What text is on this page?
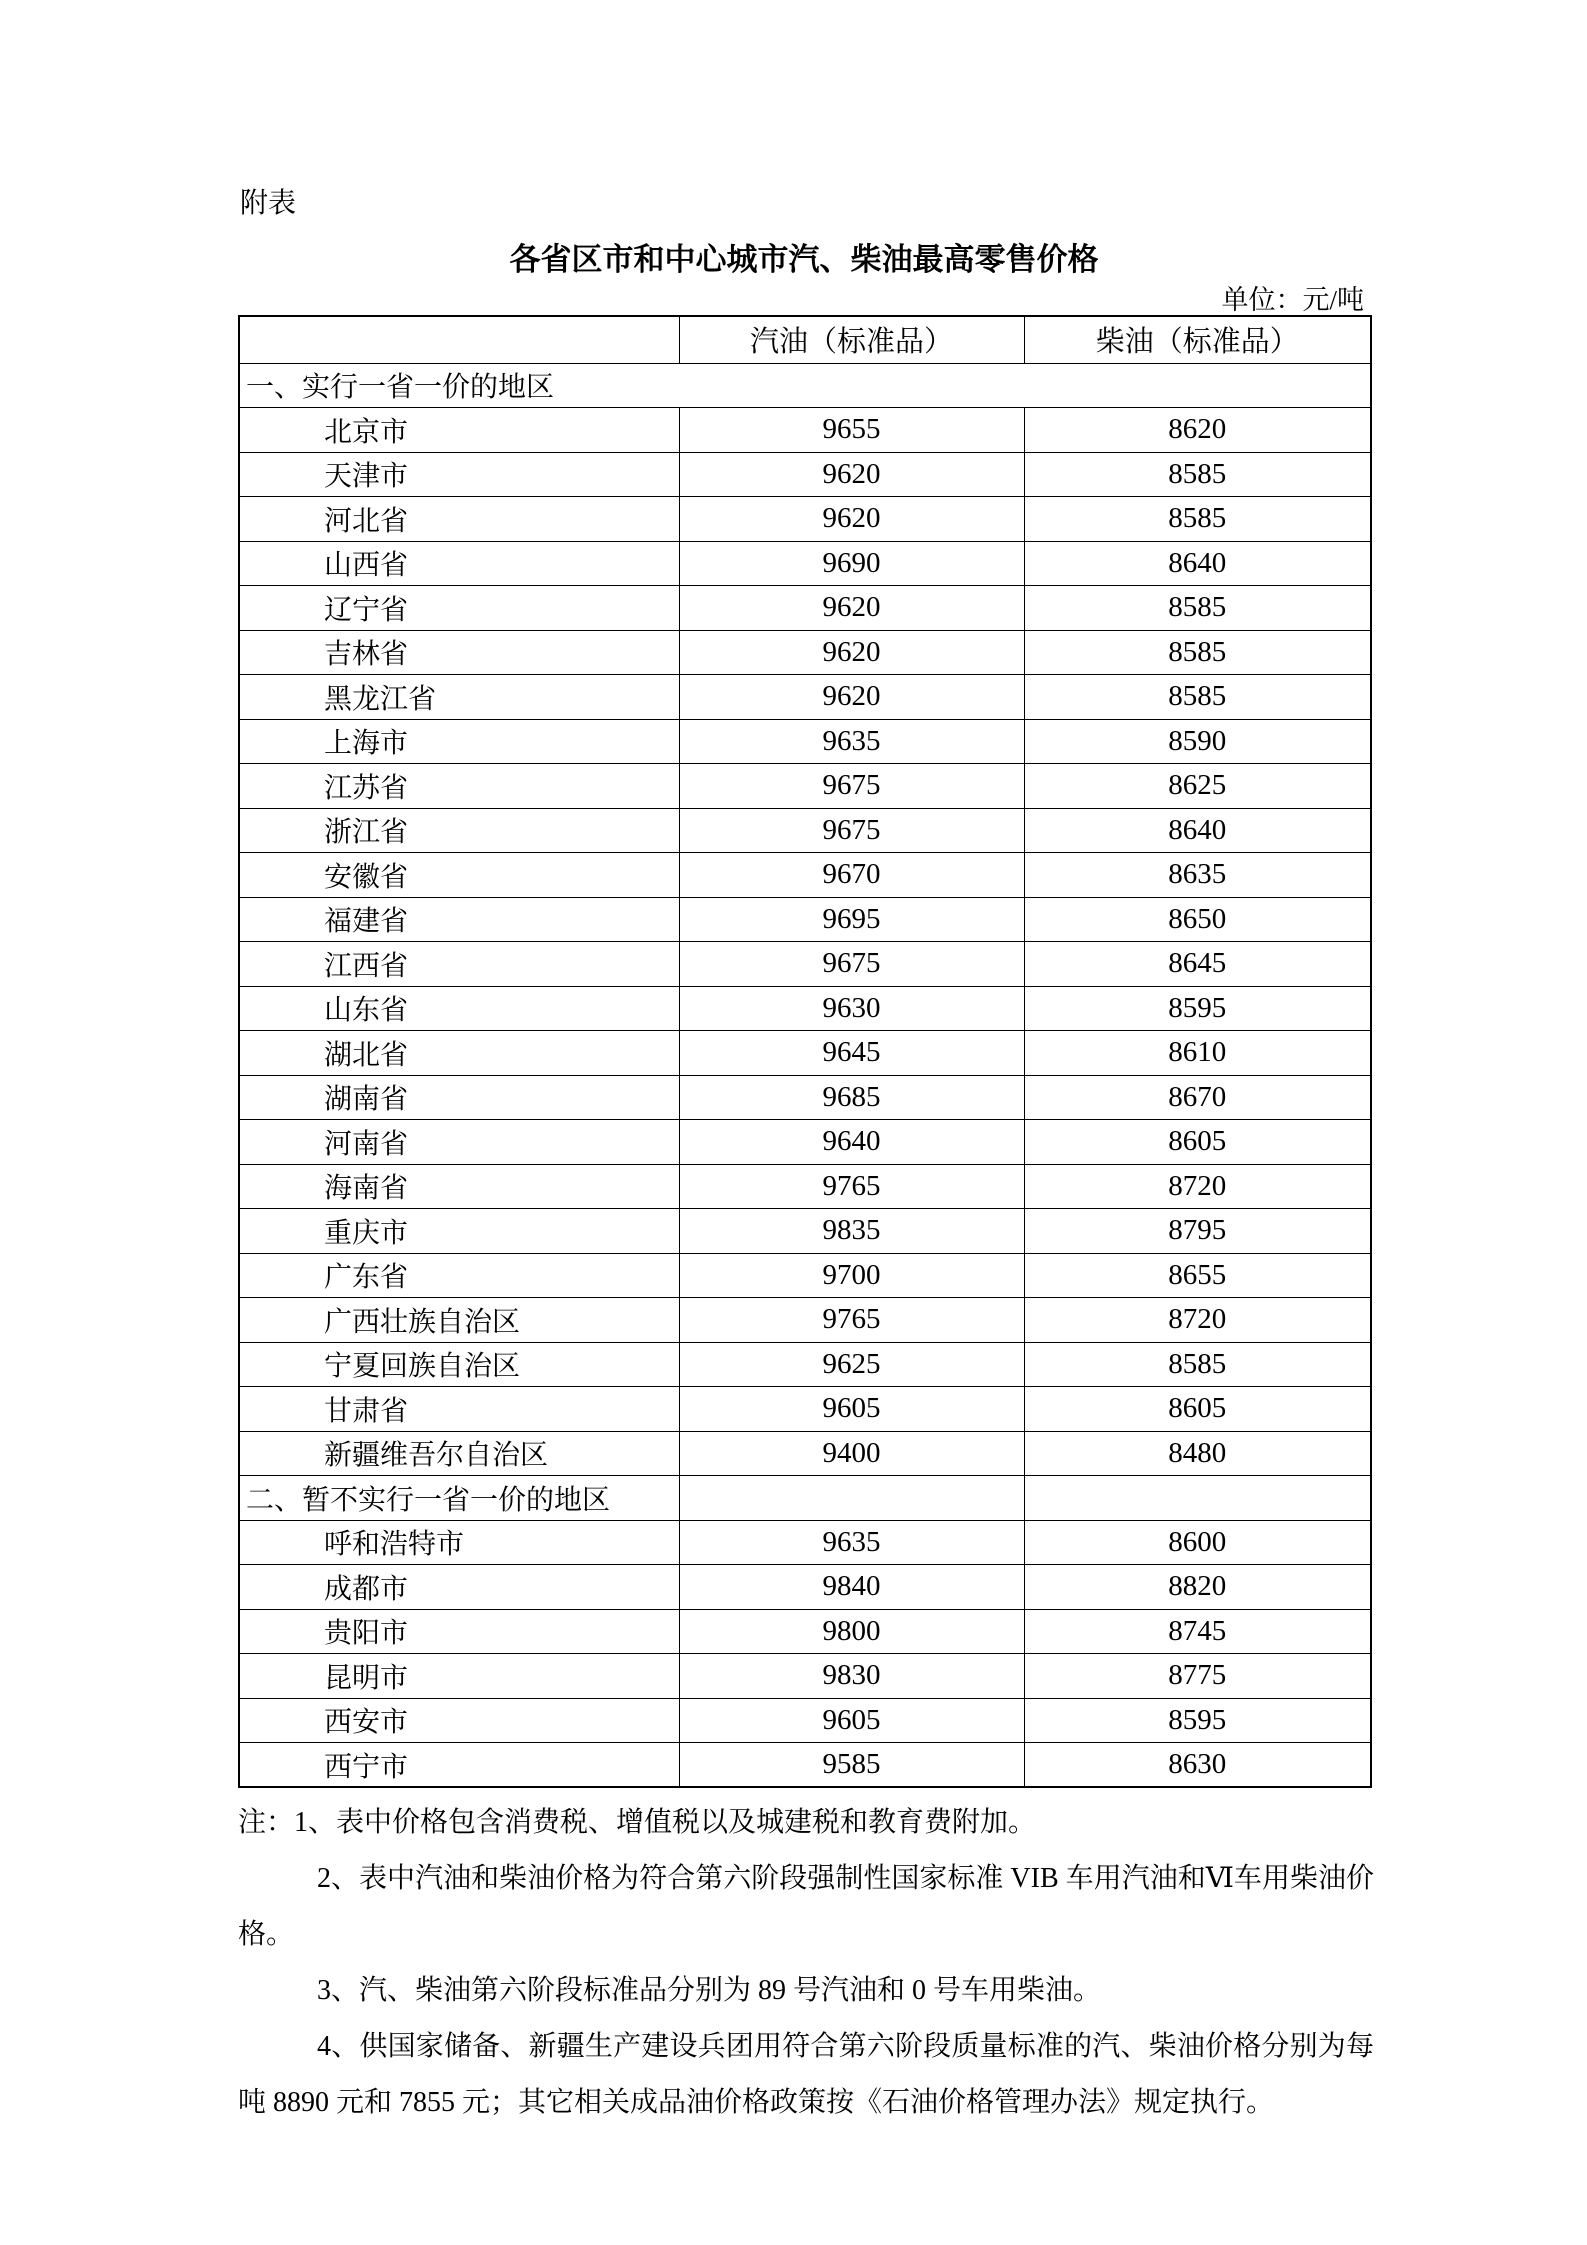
附表
各省区市和中心城市汽、柴油最高零售价格
单位：元/吨
	汽油（标准品）	柴油（标准品）
一、实行一省一价的地区		
北京市	9655	8620
天津市	9620	8585
河北省	9620	8585
山西省	9690	8640
辽宁省	9620	8585
吉林省	9620	8585
黑龙江省	9620	8585
上海市	9635	8590
江苏省	9675	8625
浙江省	9675	8640
安徽省	9670	8635
福建省	9695	8650
江西省	9675	8645
山东省	9630	8595
湖北省	9645	8610
湖南省	9685	8670
河南省	9640	8605
海南省	9765	8720
重庆市	9835	8795
广东省	9700	8655
广西壮族自治区	9765	8720
宁夏回族自治区	9625	8585
甘肃省	9605	8605
新疆维吾尔自治区	9400	8480
二、暂不实行一省一价的地区		
呼和浩特市	9635	8600
成都市	9840	8820
贵阳市	9800	8745
昆明市	9830	8775
西安市	9605	8595
西宁市	9585	8630

注：1、表中价格包含消费税、增值税以及城建税和教育费附加。

2、表中汽油和柴油价格为符合第六阶段强制性国家标准 VIB 车用汽油和Ⅵ车用柴油价格。

3、汽、柴油第六阶段标准品分别为 89 号汽油和 0 号车用柴油。

4、供国家储备、新疆生产建设兵团用符合第六阶段质量标准的汽、柴油价格分别为每吨 8890 元和 7855 元；其它相关成品油价格政策按《石油价格管理办法》规定执行。
